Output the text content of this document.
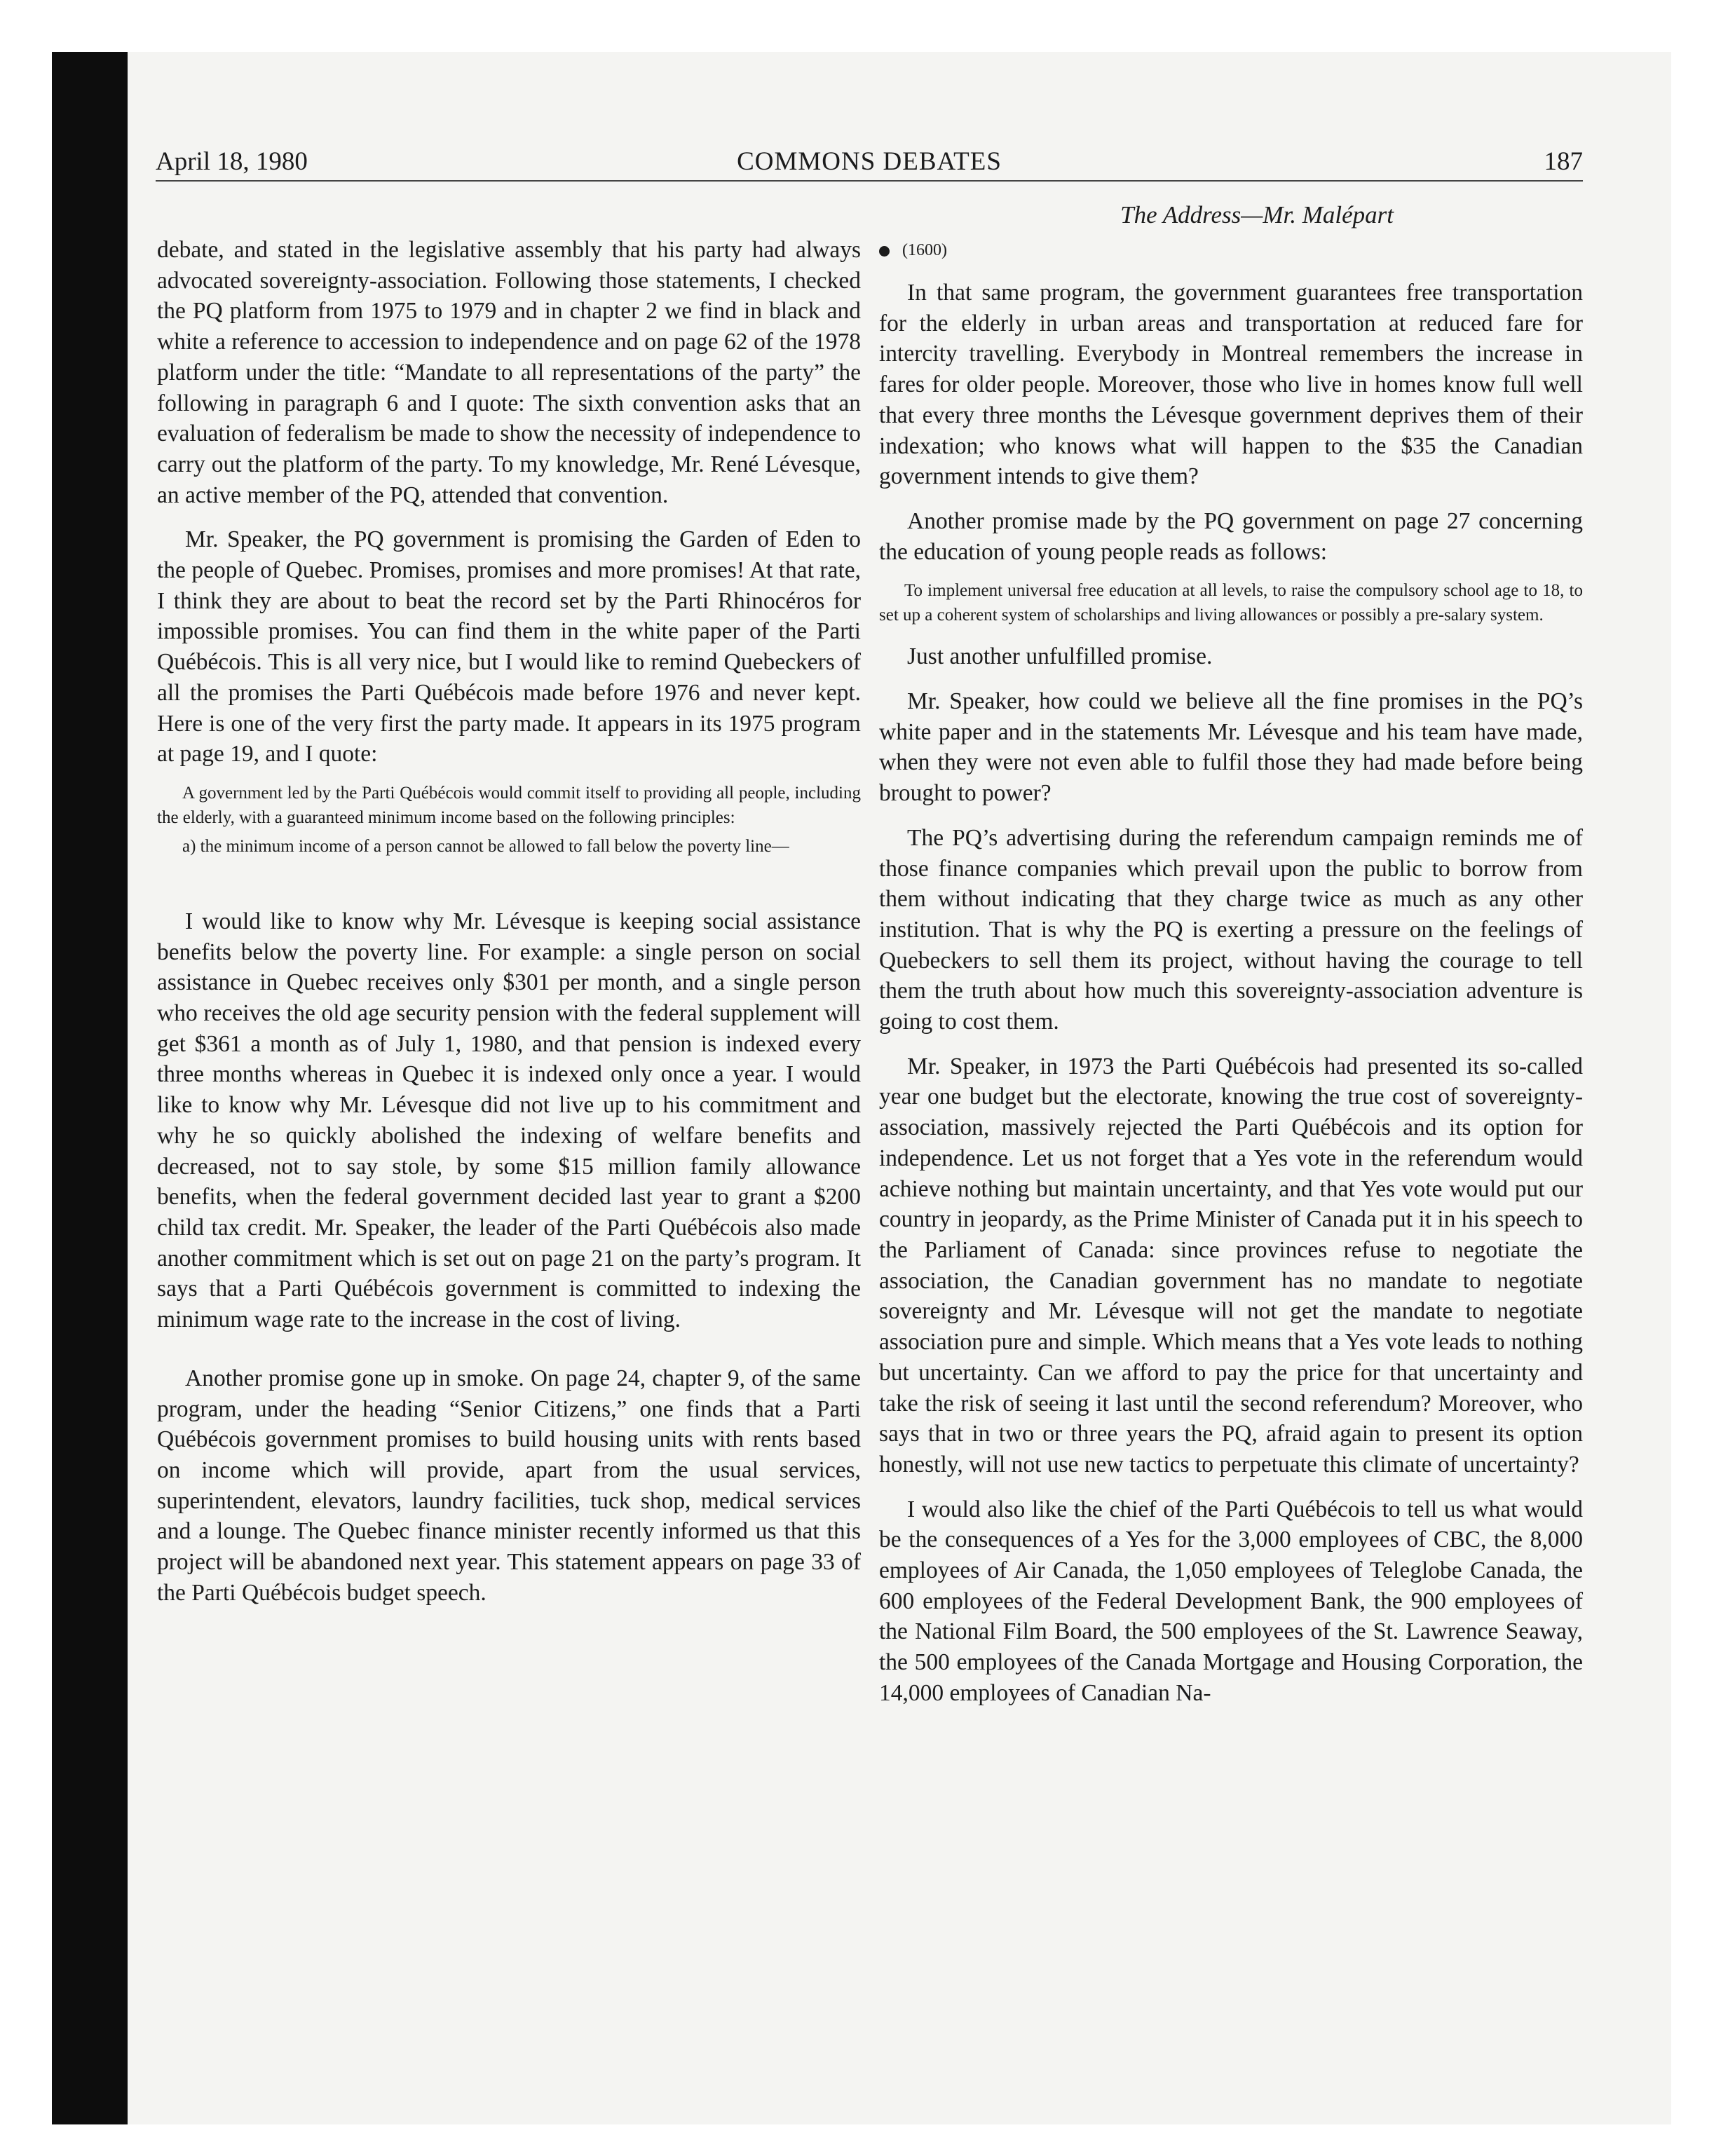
April 18, 1980	COMMONS DEBATES	187
The Address—Mr. Malépart

debate, and stated in the legislative assembly that his party had always advocated sovereignty-association. Following those statements, I checked the PQ platform from 1975 to 1979 and in chapter 2 we find in black and white a reference to accession to independence and on page 62 of the 1978 platform under the title: “Mandate to all representations of the party” the following in paragraph 6 and I quote: The sixth convention asks that an evaluation of federalism be made to show the necessity of independence to carry out the platform of the party. To my knowledge, Mr. René Lévesque, an active member of the PQ, attended that convention.

Mr. Speaker, the PQ government is promising the Garden of Eden to the people of Quebec. Promises, promises and more promises! At that rate, I think they are about to beat the record set by the Parti Rhinocéros for impossible promises. You can find them in the white paper of the Parti Québécois. This is all very nice, but I would like to remind Quebeckers of all the promises the Parti Québécois made before 1976 and never kept. Here is one of the very first the party made. It appears in its 1975 program at page 19, and I quote:

A government led by the Parti Québécois would commit itself to providing all people, including the elderly, with a guaranteed minimum income based on the following principles:

a) the minimum income of a person cannot be allowed to fall below the poverty line—

I would like to know why Mr. Lévesque is keeping social assistance benefits below the poverty line. For example: a single person on social assistance in Quebec receives only $301 per month, and a single person who receives the old age security pension with the federal supplement will get $361 a month as of July 1, 1980, and that pension is indexed every three months whereas in Quebec it is indexed only once a year. I would like to know why Mr. Lévesque did not live up to his commitment and why he so quickly abolished the indexing of welfare benefits and decreased, not to say stole, by some $15 million family allowance benefits, when the federal government decided last year to grant a $200 child tax credit. Mr. Speaker, the leader of the Parti Québécois also made another commitment which is set out on page 21 on the party’s program. It says that a Parti Québécois government is committed to indexing the minimum wage rate to the increase in the cost of living.

Another promise gone up in smoke. On page 24, chapter 9, of the same program, under the heading “Senior Citizens,” one finds that a Parti Québécois government promises to build housing units with rents based on income which will provide, apart from the usual services, superintendent, elevators, laundry facilities, tuck shop, medical services and a lounge. The Quebec finance minister recently informed us that this project will be abandoned next year. This statement appears on page 33 of the Parti Québécois budget speech.

(1600)

In that same program, the government guarantees free transportation for the elderly in urban areas and transportation at reduced fare for intercity travelling. Everybody in Montreal remembers the increase in fares for older people. Moreover, those who live in homes know full well that every three months the Lévesque government deprives them of their indexation; who knows what will happen to the $35 the Canadian government intends to give them?

Another promise made by the PQ government on page 27 concerning the education of young people reads as follows:

To implement universal free education at all levels, to raise the compulsory school age to 18, to set up a coherent system of scholarships and living allowances or possibly a pre-salary system.

Just another unfulfilled promise.

Mr. Speaker, how could we believe all the fine promises in the PQ’s white paper and in the statements Mr. Lévesque and his team have made, when they were not even able to fulfil those they had made before being brought to power?

The PQ’s advertising during the referendum campaign reminds me of those finance companies which prevail upon the public to borrow from them without indicating that they charge twice as much as any other institution. That is why the PQ is exerting a pressure on the feelings of Quebeckers to sell them its project, without having the courage to tell them the truth about how much this sovereignty-association adventure is going to cost them.

Mr. Speaker, in 1973 the Parti Québécois had presented its so-called year one budget but the electorate, knowing the true cost of sovereignty-association, massively rejected the Parti Québécois and its option for independence. Let us not forget that a Yes vote in the referendum would achieve nothing but maintain uncertainty, and that Yes vote would put our country in jeopardy, as the Prime Minister of Canada put it in his speech to the Parliament of Canada: since provinces refuse to negotiate the association, the Canadian government has no mandate to negotiate sovereignty and Mr. Lévesque will not get the mandate to negotiate association pure and simple. Which means that a Yes vote leads to nothing but uncertainty. Can we afford to pay the price for that uncertainty and take the risk of seeing it last until the second referendum? Moreover, who says that in two or three years the PQ, afraid again to present its option honestly, will not use new tactics to perpetuate this climate of uncertainty?

I would also like the chief of the Parti Québécois to tell us what would be the consequences of a Yes for the 3,000 employees of CBC, the 8,000 employees of Air Canada, the 1,050 employees of Teleglobe Canada, the 600 employees of the Federal Development Bank, the 900 employees of the National Film Board, the 500 employees of the St. Lawrence Seaway, the 500 employees of the Canada Mortgage and Housing Corporation, the 14,000 employees of Canadian Na-
